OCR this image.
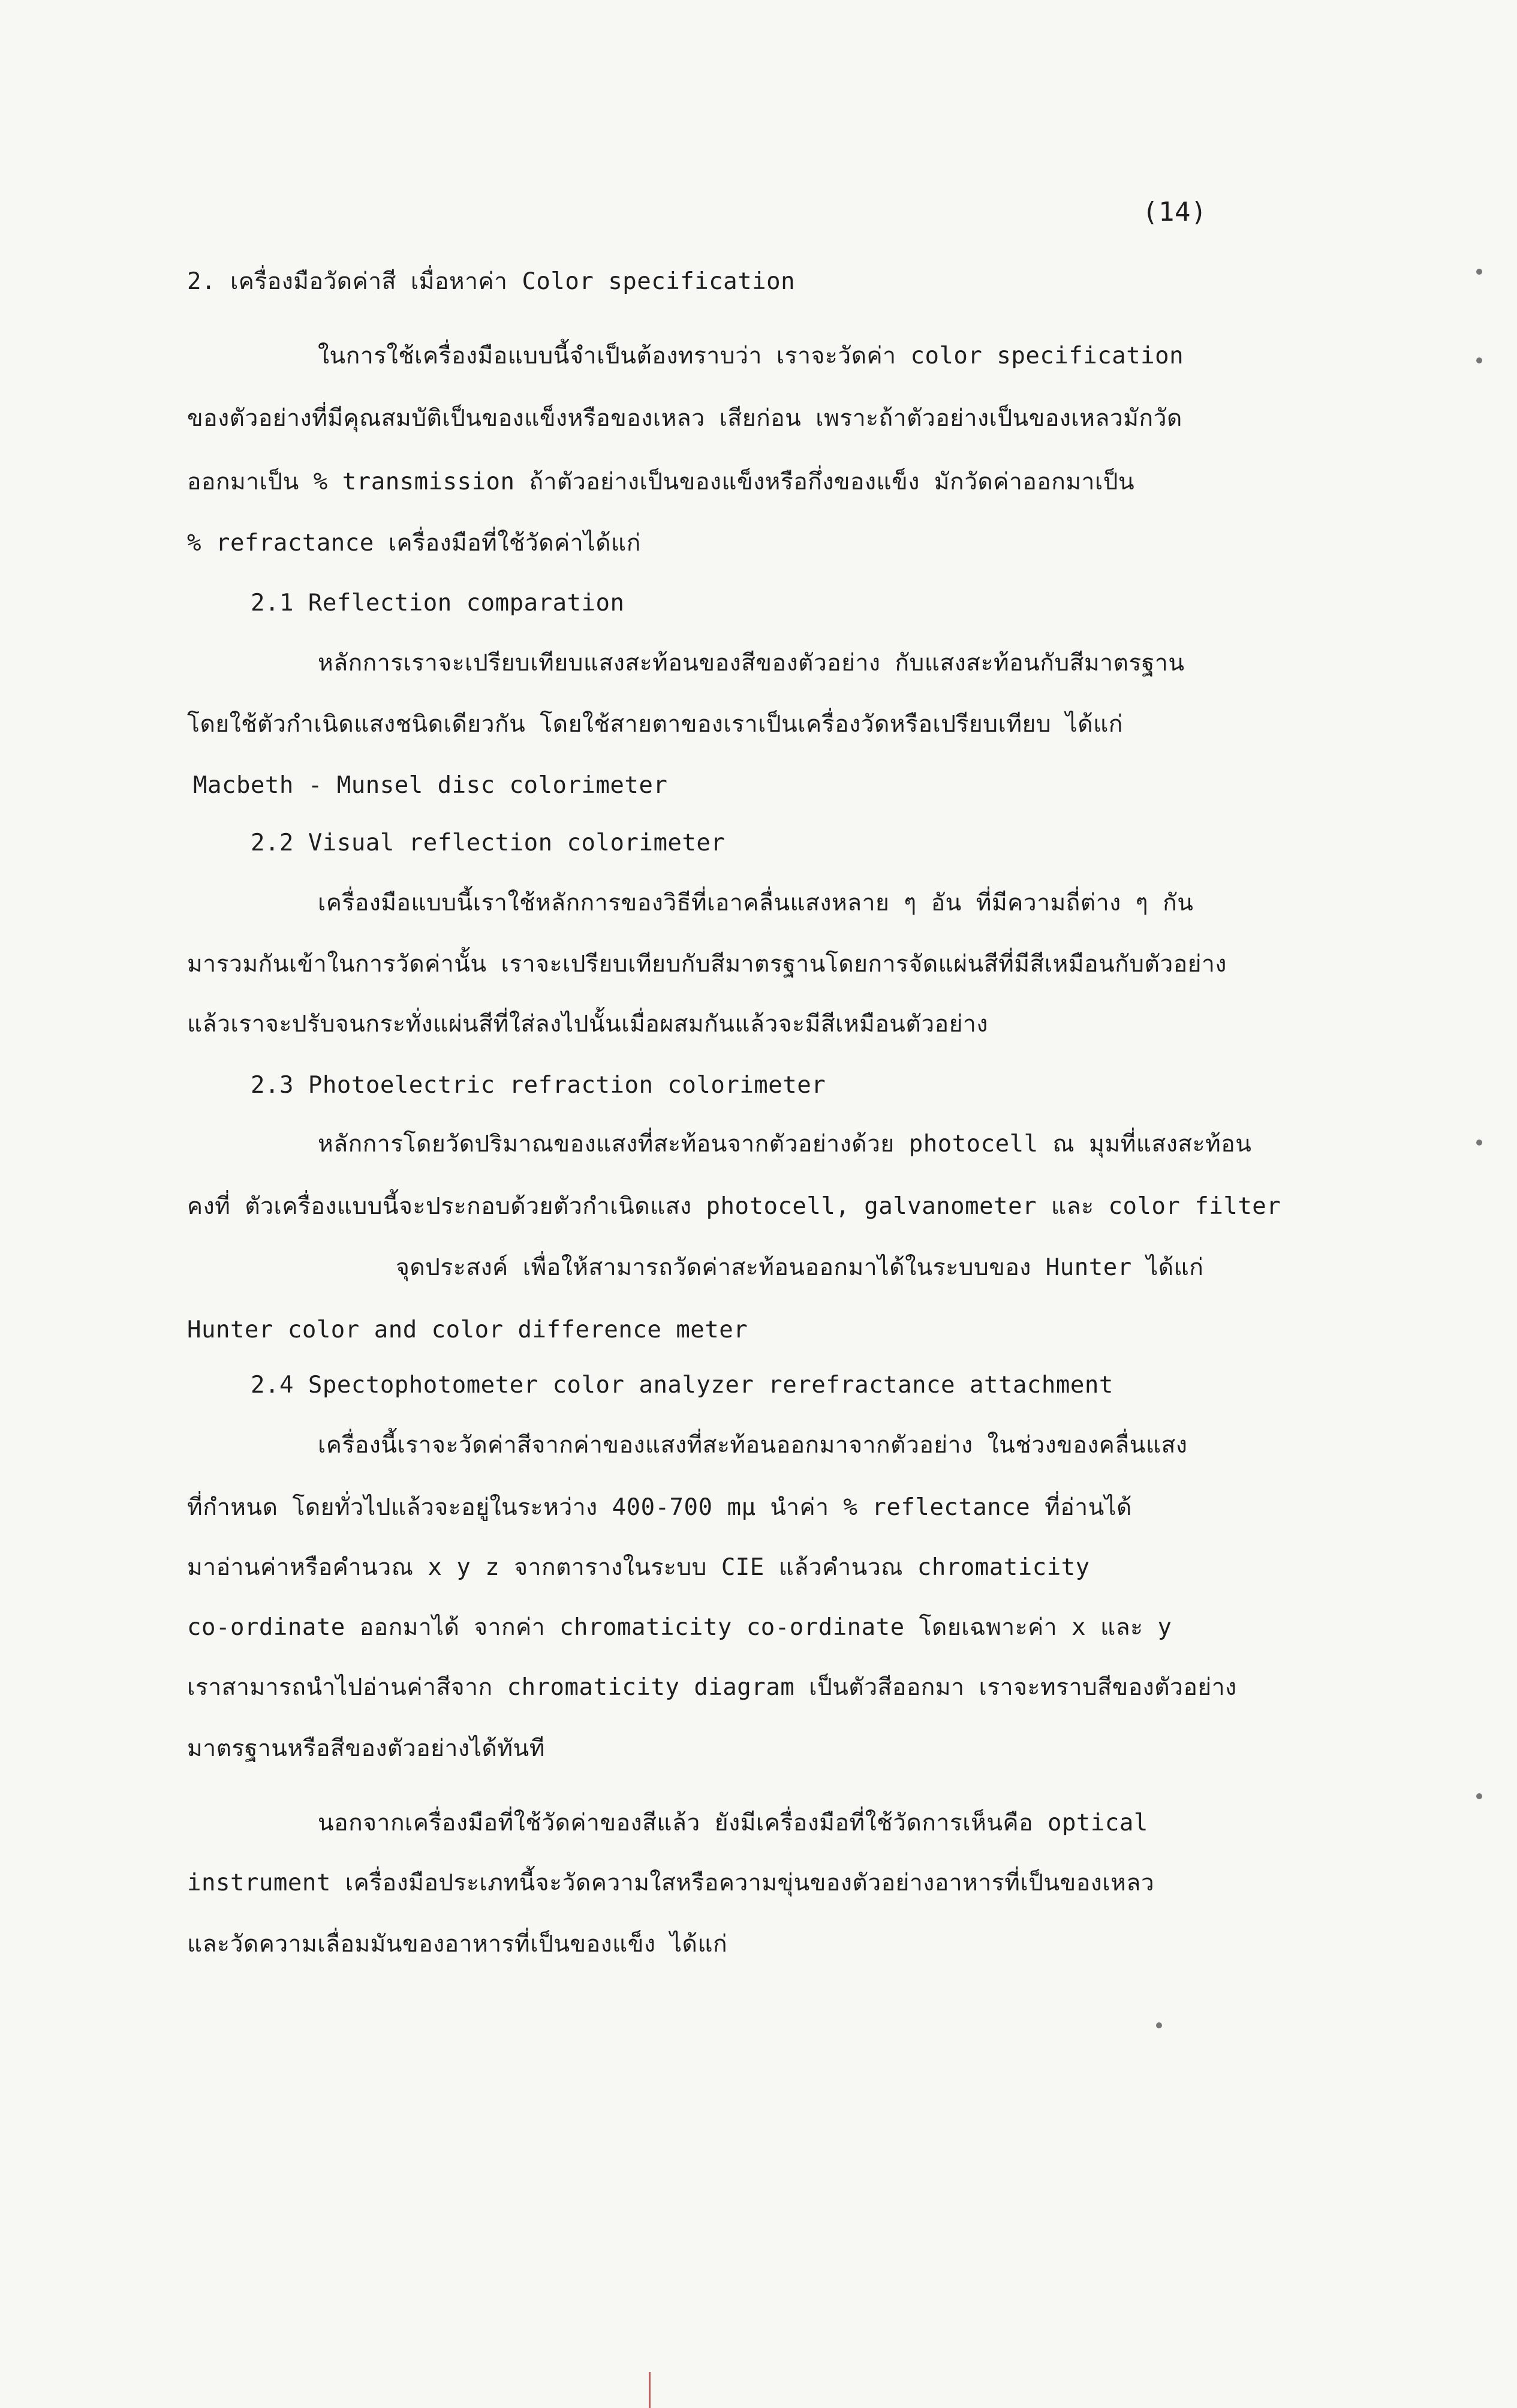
(14)
2. เครื่องมือวัดค่าสี เมื่อหาค่า Color specification
ในการใช้เครื่องมือแบบนี้จำเป็นต้องทราบว่า เราจะวัดค่า color specification
ของตัวอย่างที่มีคุณสมบัติเป็นของแข็งหรือของเหลว เสียก่อน เพราะถ้าตัวอย่างเป็นของเหลวมักวัด
ออกมาเป็น % transmission ถ้าตัวอย่างเป็นของแข็งหรือกึ่งของแข็ง มักวัดค่าออกมาเป็น
% refractance เครื่องมือที่ใช้วัดค่าได้แก่
2.1 Reflection comparation
หลักการเราจะเปรียบเทียบแสงสะท้อนของสีของตัวอย่าง กับแสงสะท้อนกับสีมาตรฐาน
โดยใช้ตัวกำเนิดแสงชนิดเดียวกัน โดยใช้สายตาของเราเป็นเครื่องวัดหรือเปรียบเทียบ ได้แก่
Macbeth - Munsel disc colorimeter
2.2 Visual reflection colorimeter
เครื่องมือแบบนี้เราใช้หลักการของวิธีที่เอาคลื่นแสงหลาย ๆ อัน ที่มีความถี่ต่าง ๆ กัน
มารวมกันเข้าในการวัดค่านั้น เราจะเปรียบเทียบกับสีมาตรฐานโดยการจัดแผ่นสีที่มีสีเหมือนกับตัวอย่าง
แล้วเราจะปรับจนกระทั่งแผ่นสีที่ใส่ลงไปนั้นเมื่อผสมกันแล้วจะมีสีเหมือนตัวอย่าง
2.3 Photoelectric refraction colorimeter
หลักการโดยวัดปริมาณของแสงที่สะท้อนจากตัวอย่างด้วย photocell ณ มุมที่แสงสะท้อน
คงที่ ตัวเครื่องแบบนี้จะประกอบด้วยตัวกำเนิดแสง photocell, galvanometer และ color filter
จุดประสงค์ เพื่อให้สามารถวัดค่าสะท้อนออกมาได้ในระบบของ Hunter ได้แก่
Hunter color and color difference meter
2.4 Spectophotometer color analyzer rerefractance attachment
เครื่องนี้เราจะวัดค่าสีจากค่าของแสงที่สะท้อนออกมาจากตัวอย่าง ในช่วงของคลื่นแสง
ที่กำหนด โดยทั่วไปแล้วจะอยู่ในระหว่าง 400-700 mμ นำค่า % reflectance ที่อ่านได้
มาอ่านค่าหรือคำนวณ x y z จากตารางในระบบ CIE แล้วคำนวณ chromaticity
co-ordinate ออกมาได้ จากค่า chromaticity co-ordinate โดยเฉพาะค่า x และ y
เราสามารถนำไปอ่านค่าสีจาก chromaticity diagram เป็นตัวสีออกมา เราจะทราบสีของตัวอย่าง
มาตรฐานหรือสีของตัวอย่างได้ทันที
นอกจากเครื่องมือที่ใช้วัดค่าของสีแล้ว ยังมีเครื่องมือที่ใช้วัดการเห็นคือ optical
instrument เครื่องมือประเภทนี้จะวัดความใสหรือความขุ่นของตัวอย่างอาหารที่เป็นของเหลว
และวัดความเลื่อมมันของอาหารที่เป็นของแข็ง ได้แก่
